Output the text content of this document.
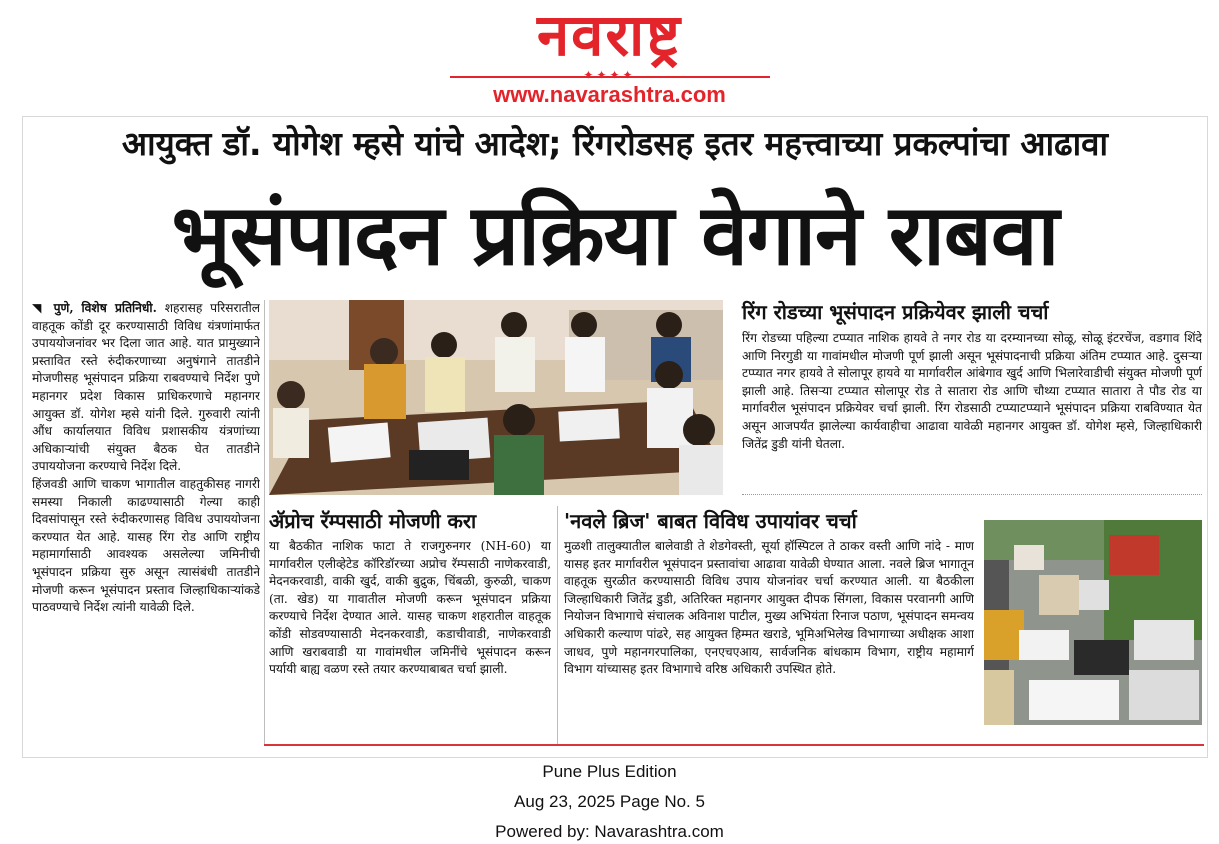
नवराष्ट्र
✦✦✦✦
www.navarashtra.com
आयुक्त डॉ. योगेश म्हसे यांचे आदेश; रिंगरोडसह इतर महत्त्वाच्या प्रकल्पांचा आढावा
भूसंपादन प्रक्रिया वेगाने राबवा

◥ पुणे, विशेष प्रतिनिधी. शहरासह परिसरातील वाहतूक कोंडी दूर करण्यासाठी विविध यंत्रणांमार्फत उपाययोजनांवर भर दिला जात आहे. यात प्रामुख्याने प्रस्तावित रस्ते रुंदीकरणाच्या अनुषंगाने तातडीने मोजणीसह भूसंपादन प्रक्रिया राबवण्याचे निर्देश पुणे महानगर प्रदेश विकास प्राधिकरणाचे महानगर आयुक्त डॉ. योगेश म्हसे यांनी दिले. गुरुवारी त्यांनी औंध कार्यालयात विविध प्रशासकीय यंत्रणांच्या अधिकाऱ्यांची संयुक्त बैठक घेत तातडीने उपाययोजना करण्याचे निर्देश दिले.

हिंजवडी आणि चाकण भागातील वाहतुकीसह नागरी समस्या निकाली काढण्यासाठी गेल्या काही दिवसांपासून रस्ते रुंदीकरणासह विविध उपाययोजना करण्यात येत आहे. यासह रिंग रोड आणि राष्ट्रीय महामार्गासाठी आवश्यक असलेल्या जमिनीची भूसंपादन प्रक्रिया सुरु असून त्यासंबंधी तातडीने मोजणी करून भूसंपादन प्रस्ताव जिल्हाधिकाऱ्यांकडे पाठवण्याचे निर्देश त्यांनी यावेळी दिले.

रिंग रोडच्या भूसंपादन प्रक्रियेवर झाली चर्चा
रिंग रोडच्या पहिल्या टप्प्यात नाशिक हायवे ते नगर रोड या दरम्यानच्या सोळू, सोळू इंटरचेंज, वडगाव शिंदे आणि निरगुडी या गावांमधील मोजणी पूर्ण झाली असून भूसंपादनाची प्रक्रिया अंतिम टप्प्यात आहे. दुसऱ्या टप्प्यात नगर हायवे ते सोलापूर हायवे या मार्गावरील आंबेगाव खुर्द आणि भिलारेवाडीची संयुक्त मोजणी पूर्ण झाली आहे. तिसऱ्या टप्प्यात सोलापूर रोड ते सातारा रोड आणि चौथ्या टप्प्यात सातारा ते पौड रोड या मार्गावरील भूसंपादन प्रक्रियेवर चर्चा झाली. रिंग रोडसाठी टप्प्याटप्प्याने भूसंपादन प्रक्रिया राबविण्यात येत असून आजपर्यंत झालेल्या कार्यवाहीचा आढावा यावेळी महानगर आयुक्त डॉ. योगेश म्हसे, जिल्हाधिकारी जितेंद्र डुडी यांनी घेतला.
ॲप्रोच रॅम्पसाठी मोजणी करा
या बैठकीत नाशिक फाटा ते राजगुरुनगर (NH-60) या मार्गावरील एलीव्हेटेड कॉरिडॉरच्या अप्रोच रॅम्पसाठी नाणेकरवाडी, मेदनकरवाडी, वाकी खुर्द, वाकी बुद्रुक, चिंबळी, कुरुळी, चाकण (ता. खेड) या गावातील मोजणी करून भूसंपादन प्रक्रिया करण्याचे निर्देश देण्यात आले. यासह चाकण शहरातील वाहतूक कोंडी सोडवण्यासाठी मेदनकरवाडी, कडाचीवाडी, नाणेकरवाडी आणि खराबवाडी या गावांमधील जमिनींचे भूसंपादन करून पर्यायी बाह्य वळण रस्ते तयार करण्याबाबत चर्चा झाली.
'नवले ब्रिज' बाबत विविध उपायांवर चर्चा
मुळशी तालुक्यातील बालेवाडी ते शेडगेवस्ती, सूर्या हॉस्पिटल ते ठाकर वस्ती आणि नांदे - माण यासह इतर मार्गावरील भूसंपादन प्रस्तावांचा आढावा यावेळी घेण्यात आला. नवले ब्रिज भागातून वाहतूक सुरळीत करण्यासाठी विविध उपाय योजनांवर चर्चा करण्यात आली. या बैठकीला जिल्हाधिकारी जितेंद्र डुडी, अतिरिक्त महानगर आयुक्त दीपक सिंगला, विकास परवानगी आणि नियोजन विभागाचे संचालक अविनाश पाटील, मुख्य अभियंता रिनाज पठाण, भूसंपादन समन्वय अधिकारी कल्याण पांढरे, सह आयुक्त हिम्मत खराडे, भूमिअभिलेख विभागाच्या अधीक्षक आशा जाधव, पुणे महानगरपालिका, एनएचएआय, सार्वजनिक बांधकाम विभाग, राष्ट्रीय महामार्ग विभाग यांच्यासह इतर विभागाचे वरिष्ठ अधिकारी उपस्थित होते.
Pune Plus Edition
Aug 23, 2025 Page No. 5
Powered by: Navarashtra.com
